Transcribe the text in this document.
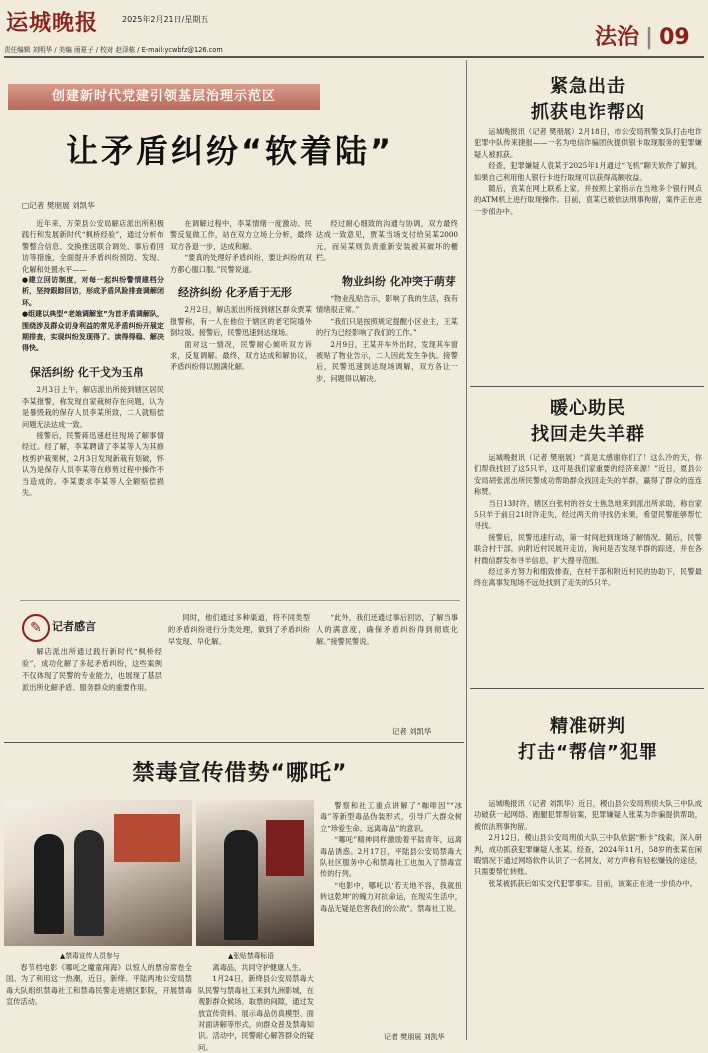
运城晚报	2025年2月21日/星期五
责任编辑 刘明华 / 美编 雨夏子 / 校对 赵泽栋 / E-mail:ycwbfz@126.com	法治 | 09
创建新时代党建引领基层治理示范区
让矛盾纠纷“软着陆”
□记者 樊朋展 刘凯华

近年来，万荣县公安局解店派出所积极践行和发展新时代“枫桥经验”，通过分析布警整合信息、交换推送联合调处、事后看回访等措施，全面提升矛盾纠纷预防、发现、化解和处置水平——

●建立回访制度，对每一起纠纷警情建档分析，坚持跟踪回访，形成矛盾风险排查调解闭环。

●组建以典型“老娘调解室”为首矛盾调解队，围绕涉及群众切身利益的常见矛盾纠纷开展定期排查，实现纠纷发现得了、读得得稳、解决得快。

保活纠纷 化干戈为玉帛

2月3日上午，解店派出所接到辖区居民李某报警，称发现自家栽树存在问题，认为是暴毁栽的保存人员李某所致，二人就赔偿问题无法达成一致。

接警后，民警蒋迅速赶往现场了解事情经过。经了解，李某聘请了李某等人为其修枝剪护栽果树，2月3日发现新栽有划破，怀认为是保存人员李某等在修剪过程中操作不当造成的。李某要求李某等人全额赔偿损失。

在调解过程中，李某情绪一度激动。民警反复做工作，站在双方立场上分析，最终双方各退一步，达成和解。

“要真的处理好矛盾纠纷，要让纠纷的双方都心服口服。”民警说道。

经济纠纷 化矛盾于无形

2月2日，解店派出所接到辖区群众贾某报警称，有一人在他位于辖区的老宅院墙外倒垃圾。接警后，民警迅速到达现场。

面对这一情况，民警耐心倾听双方诉求，反复调解。最终，双方达成和解协议，矛盾纠纷得以圆满化解。

经过耐心细致的沟通与协调，双方最终达成一致意见，贾某当场支付给吴某2000元，而吴某则负责重新安装被其破坏的栅栏。

物业纠纷 化冲突于萌芽

“物业乱贴告示，影响了我的生活，我有情绪很正常。”

“我们只是按照规定提醒小区业主，王某的行为已经影响了我们的工作。”

2月9日，王某开车外出时，发现其车窗被贴了物业告示，二人因此发生争执。接警后，民警迅速到达现场调解，双方各让一步，问题得以解决。

✎ 记者感言

解店派出所通过践行新时代“枫桥经验”，成功化解了多起矛盾纠纷，这些案例不仅体现了民警的专业能力，也展现了基层派出所化解矛盾、服务群众的重要作用。

同时，他们通过多种渠道，将不同类型的矛盾纠纷进行分类处理，做到了矛盾纠纷早发现、早化解。

“此外，我们还通过事后回访，了解当事人的满意度，确保矛盾纠纷得到彻底化解。”接警民警说。

记者 刘凯华
禁毒宣传借势“哪吒”
▲禁毒宣传人员参与	▲张贴禁毒标语

春节档电影《哪吒之魔童闹海》以惊人的票房席卷全国。为了利用这一热潮，近日，新绛、平陆两地公安局禁毒大队组织禁毒社工和禁毒民警走进辖区影院，开展禁毒宣传活动。

离毒品，共同守护健康人生。

1月24日，新绛县公安局禁毒大队民警与禁毒社工来到九洲影城，在观影群众候场、取票的间隙，通过发放宣传资料、展示毒品仿真模型、面对面讲解等形式，向群众普及禁毒知识。活动中，民警耐心解答群众的疑问。

警察和社工重点讲解了“咖啡因”“冰毒”等新型毒品伪装形式，引导广大群众树立“珍爱生命、远离毒品”的意识。

“哪吒”精神同样激励着平陆青年，远离毒品诱惑。2月17日，平陆县公安局禁毒大队社区服务中心和禁毒社工也加入了禁毒宣传的行列。

“电影中，哪吒以‘若天地不容，我就扭转这乾坤’的魄力对抗命运，在现实生活中，毒品无疑是危害我们的公敌”。禁毒社工说。

记者 樊朋展 刘凯华
紧急出击
抓获电诈帮凶

运城晚报讯（记者 樊朋展）2月18日，市公安局刑警支队打击电诈犯罪中队传来捷报——一名为电信诈骗团伙提供银卡取现服务的犯罪嫌疑人被抓获。

经查，犯罪嫌疑人袁某于2025年1月通过“飞机”聊天软件了解到，如果自己利用他人银行卡进行取现可以获得高额收益。

随后，袁某在网上联系上家，并按照上家指示在当地多个银行网点的ATM机上进行取现操作。目前，袁某已被依法刑事拘留，案件正在进一步侦办中。

暖心助民
找回走失羊群

运城晚报讯（记者 樊朋展）“真是太感谢你们了！这么冷的天，你们帮我找回了这5只羊，这可是我们家重要的经济来源！”近日，夏县公安局胡张派出所民警成功帮助群众找回走失的羊群，赢得了群众的连连称赞。

当日13时许，辖区白张村的谷女士焦急地来到派出所求助，称自家5只羊于前日21时许走失，经过两天的寻找仍未果，希望民警能够帮忙寻找。

接警后，民警迅速行动，第一时间赶到现场了解情况。随后，民警联合村干部，向附近村民展开走访，询问是否发现羊群的踪迹，并在各村微信群发布寻羊信息，扩大搜寻范围。

经过多方努力和细致排查，在村干部和附近村民的协助下，民警最终在离事发现场不远处找到了走失的5只羊。

精准研判
打击“帮信”犯罪

运城晚报讯（记者 刘凯华）近日，稷山县公安局刑侦大队三中队成功破获一起网络、跑腿犯罪帮信案，犯罪嫌疑人张某为诈骗提供帮助，被依法刑事拘留。

2月12日，稷山县公安局刑侦大队三中队依据“断卡”线索，深入研判，成功抓获犯罪嫌疑人张某。经查，2024年11月，58岁的张某在闲暇情况下通过网络软件认识了一名网友，对方声称有轻松赚钱的途径，只需要帮忙转账。

张某被抓获后如实交代犯罪事实。目前，该案正在进一步侦办中。
